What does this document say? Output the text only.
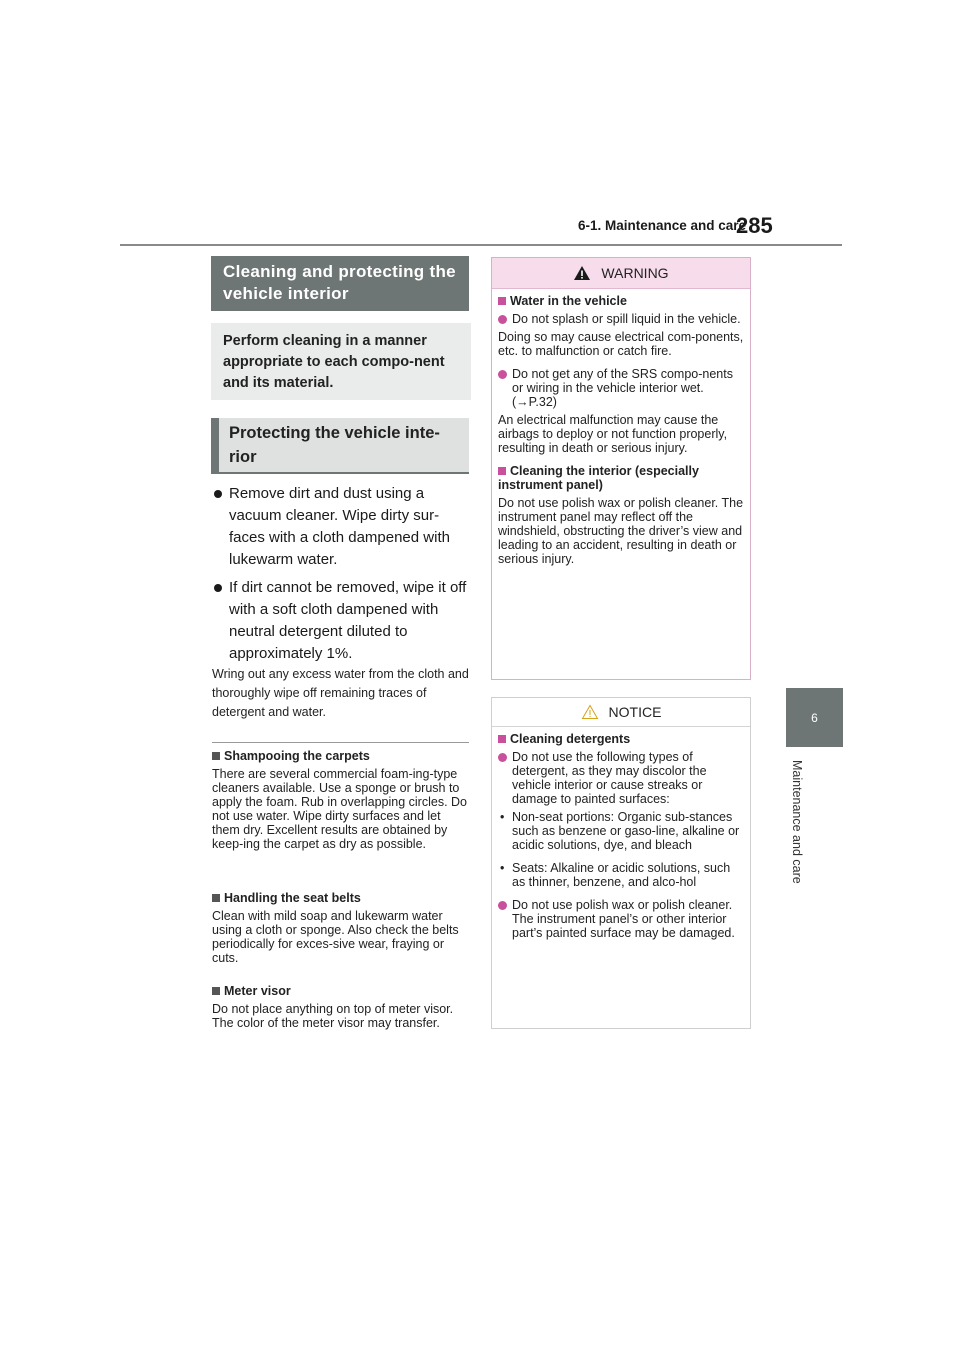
6-1. Maintenance and care
285
6
Maintenance and care
Cleaning and protecting the vehicle interior
Perform cleaning in a manner appropriate to each compo-nent and its material.
Protecting the vehicle inte-rior
Remove dirt and dust using a vacuum cleaner. Wipe dirty sur-faces with a cloth dampened with lukewarm water.
If dirt cannot be removed, wipe it off with a soft cloth dampened with neutral detergent diluted to approximately 1%.
Wring out any excess water from the cloth and thoroughly wipe off remaining traces of detergent and water.
Shampooing the carpets
There are several commercial foam-ing-type cleaners available. Use a sponge or brush to apply the foam. Rub in overlapping circles. Do not use water. Wipe dirty surfaces and let them dry. Excellent results are obtained by keep-ing the carpet as dry as possible.
Handling the seat belts
Clean with mild soap and lukewarm water using a cloth or sponge. Also check the belts periodically for exces-sive wear, fraying or cuts.
Meter visor
Do not place anything on top of meter visor. The color of the meter visor may transfer.
WARNING
Water in the vehicle
Do not splash or spill liquid in the vehicle.
Doing so may cause electrical com-ponents, etc. to malfunction or catch fire.
Do not get any of the SRS compo-nents or wiring in the vehicle interior wet. (→P.32)
An electrical malfunction may cause the airbags to deploy or not function properly, resulting in death or serious injury.
Cleaning the interior (especially instrument panel)
Do not use polish wax or polish cleaner. The instrument panel may reflect off the windshield, obstructing the driver’s view and leading to an accident, resulting in death or serious injury.
NOTICE
Cleaning detergents
Do not use the following types of detergent, as they may discolor the vehicle interior or cause streaks or damage to painted surfaces:
• Non-seat portions: Organic sub-stances such as benzene or gaso-line, alkaline or acidic solutions, dye, and bleach
• Seats: Alkaline or acidic solutions, such as thinner, benzene, and alco-hol
Do not use polish wax or polish cleaner. The instrument panel’s or other interior part’s painted surface may be damaged.
